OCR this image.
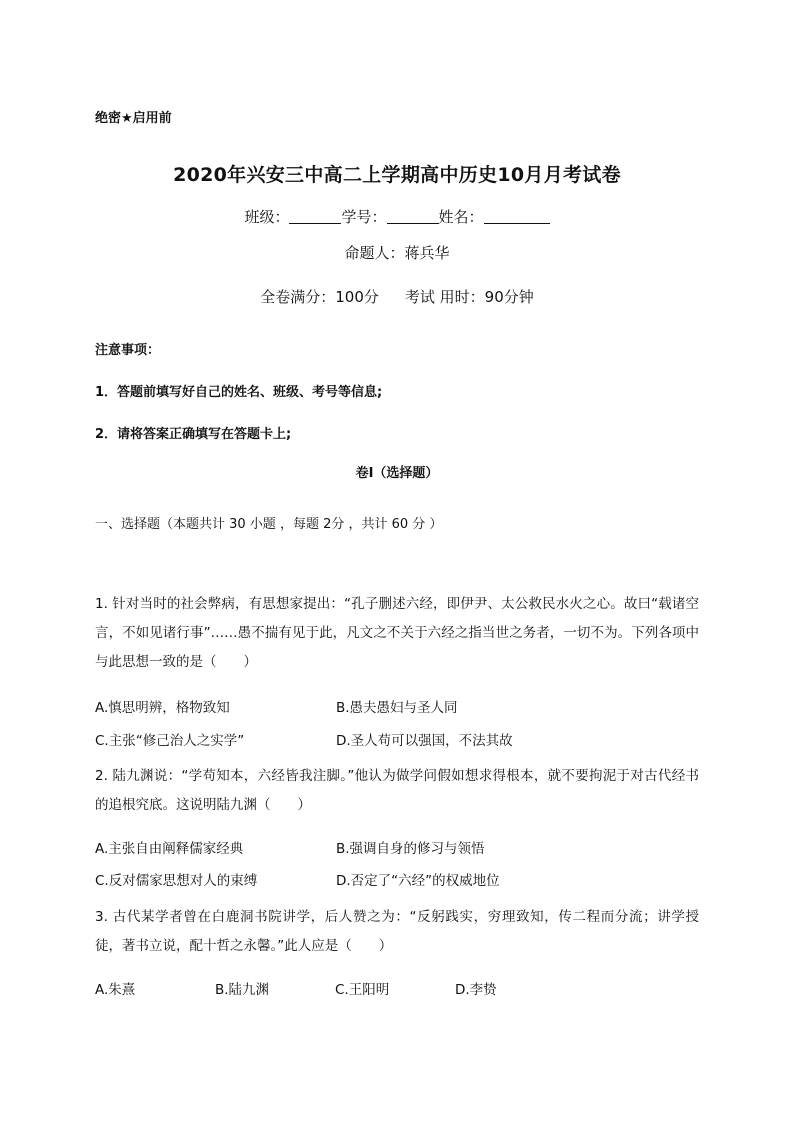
绝密★启用前
2020年兴安三中高二上学期高中历史10月月考试卷
班级：	学号：	姓名：
命题人：蒋兵华
全卷满分：100分 考试 用时：90分钟
注意事项：
1．答题前填写好自己的姓名、班级、考号等信息;
2．请将答案正确填写在答题卡上;
卷Ⅰ（选择题）
一、选择题（本题共计 30 小题 ，每题 2分 ，共计 60 分 ）
1. 针对当时的社会弊病，有思想家提出：“孔子删述六经，即伊尹、太公救民水火之心。故曰“载诸空言，不如见诸行事”……愚不揣有见于此，凡文之不关于六经之指当世之务者，一切不为。下列各项中与此思想一致的是（　　）
A.慎思明辨，格物致知	B.愚夫愚妇与圣人同
C.主张“修己治人之实学”	D.圣人苟可以强国，不法其故
2. 陆九渊说：“学苟知本，六经皆我注脚。”他认为做学问假如想求得根本，就不要拘泥于对古代经书的追根究底。这说明陆九渊（　　）
A.主张自由阐释儒家经典	B.强调自身的修习与领悟
C.反对儒家思想对人的束缚	D.否定了“六经”的权威地位
3. 古代某学者曾在白鹿洞书院讲学，后人赞之为：“反躬践实，穷理致知，传二程而分流；讲学授徒，著书立说，配十哲之永馨。”此人应是（　　）
A.朱熹	B.陆九渊	C.王阳明	D.李贽
